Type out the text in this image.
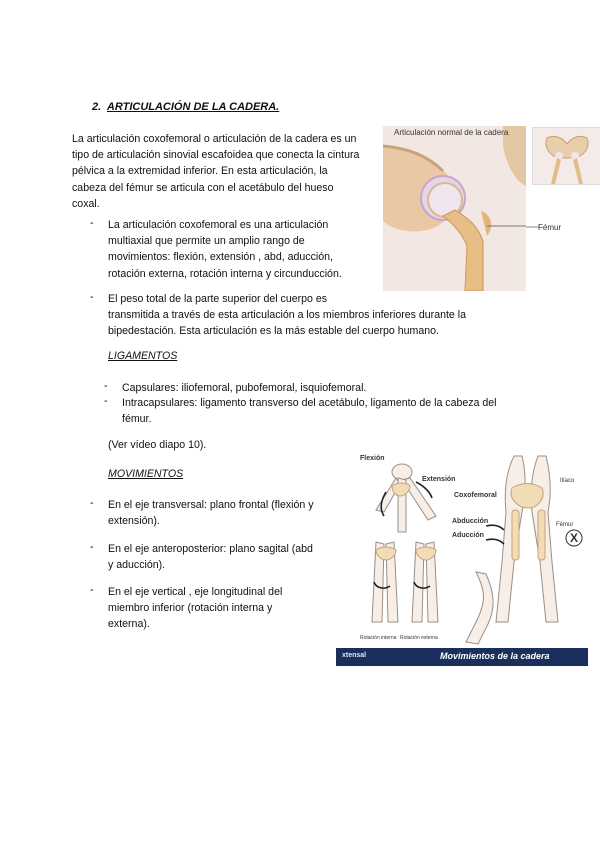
2. ARTICULACIÓN DE LA CADERA.
La articulación coxofemoral o articulación de la cadera es un
tipo de articulación sinovial escafoidea que conecta la cintura
pélvica a la extremidad inferior. En esta articulación, la
cabeza del fémur se articula con el acetábulo del hueso
coxal.
- La articulación coxofemoral es una articulación
multiaxial que permite un amplio rango de
movimientos: flexión, extensión , abd, aducción,
rotación externa, rotación interna y circunducción.
- El peso total de la parte superior del cuerpo es
transmitida a través de esta articulación a los miembros inferiores durante la
bipedestación. Esta articulación es la más estable del cuerpo humano.
LIGAMENTOS
- Capsulares: iliofemoral, pubofemoral, isquiofemoral.
- Intracapsulares: ligamento transverso del acetábulo, ligamento de la cabeza del
fémur.
(Ver vídeo diapo 10).
MOVIMIENTOS
- En el eje transversal: plano frontal (flexión y
extensión).
- En el eje anteroposterior: plano sagital (abd
y aducción).
- En el eje vertical , eje longitudinal del
miembro inferior (rotación interna y
externa).
Articulación normal de la cadera
Fémur
X
Flexión
Extensión
Coxofemoral
Abducción
Aducción
Ilíaco
Fémur
Rotación interna Rotación externa
xtensal	Movimientos de la cadera
